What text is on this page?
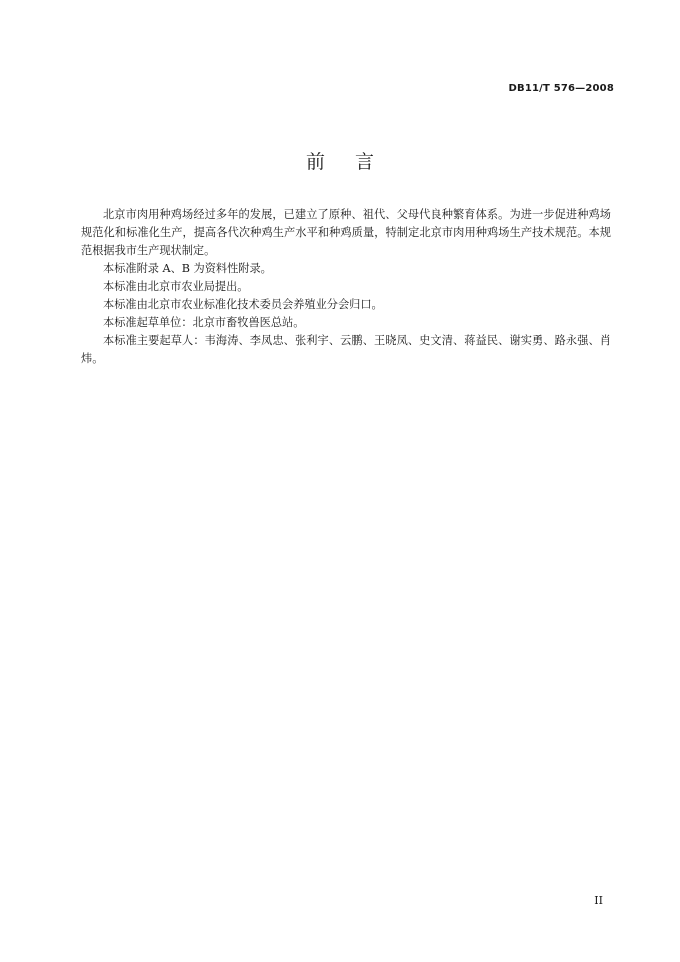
DB11/T 576—2008
前言

北京市肉用种鸡场经过多年的发展，已建立了原种、祖代、父母代良种繁育体系。为进一步促进种鸡场规范化和标准化生产，提高各代次种鸡生产水平和种鸡质量，特制定北京市肉用种鸡场生产技术规范。本规范根据我市生产现状制定。

本标准附录 A、B 为资料性附录。

本标准由北京市农业局提出。

本标准由北京市农业标准化技术委员会养殖业分会归口。

本标准起草单位：北京市畜牧兽医总站。

本标准主要起草人：韦海涛、李凤忠、张利宇、云鹏、王晓凤、史文清、蒋益民、谢实勇、路永强、肖炜。

II
